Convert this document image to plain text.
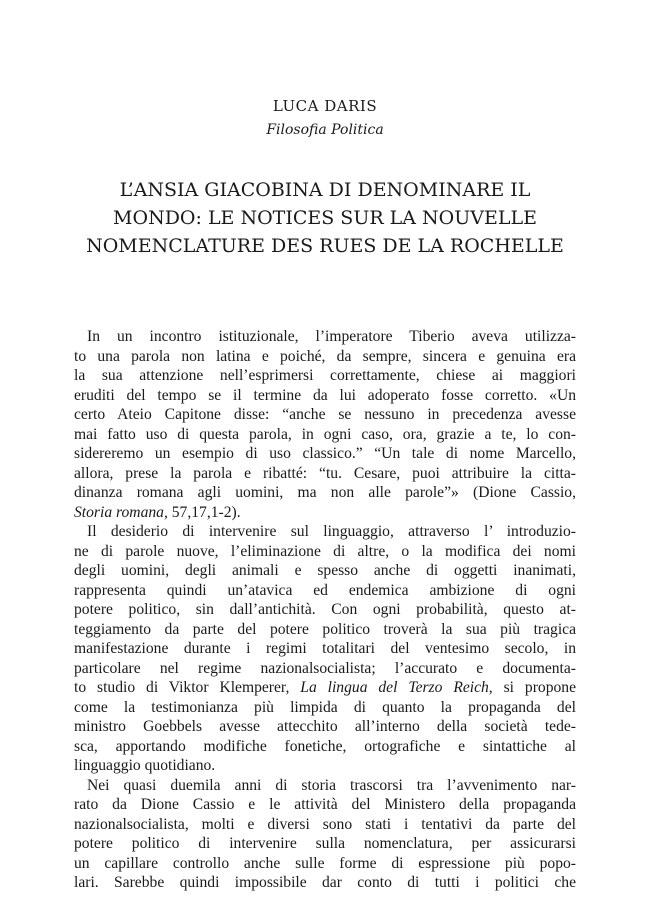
LUCA DARIS
Filosofia Politica
L’ANSIA GIACOBINA DI DENOMINARE IL
MONDO: LE NOTICES SUR LA NOUVELLE
NOMENCLATURE DES RUES DE LA ROCHELLE
In un incontro istituzionale, l’imperatore Tiberio aveva utilizza-
to una parola non latina e poiché, da sempre, sincera e genuina era
la sua attenzione nell’esprimersi correttamente, chiese ai maggiori
eruditi del tempo se il termine da lui adoperato fosse corretto. «Un
certo Ateio Capitone disse: “anche se nessuno in precedenza avesse
mai fatto uso di questa parola, in ogni caso, ora, grazie a te, lo con-
sidereremo un esempio di uso classico.” “Un tale di nome Marcello,
allora, prese la parola e ribatté: “tu. Cesare, puoi attribuire la citta-
dinanza romana agli uomini, ma non alle parole”» (Dione Cassio,
Storia romana, 57,17,1-2).
Il desiderio di intervenire sul linguaggio, attraverso l’ introduzio-
ne di parole nuove, l’eliminazione di altre, o la modifica dei nomi
degli uomini, degli animali e spesso anche di oggetti inanimati,
rappresenta quindi un’atavica ed endemica ambizione di ogni
potere politico, sin dall’antichità. Con ogni probabilità, questo at-
teggiamento da parte del potere politico troverà la sua più tragica
manifestazione durante i regimi totalitari del ventesimo secolo, in
particolare nel regime nazionalsocialista; l’accurato e documenta-
to studio di Viktor Klemperer, La lingua del Terzo Reich, si propone
come la testimonianza più limpida di quanto la propaganda del
ministro Goebbels avesse attecchito all’interno della società tede-
sca, apportando modifiche fonetiche, ortografiche e sintattiche al
linguaggio quotidiano.
Nei quasi duemila anni di storia trascorsi tra l’avvenimento nar-
rato da Dione Cassio e le attività del Ministero della propaganda
nazionalsocialista, molti e diversi sono stati i tentativi da parte del
potere politico di intervenire sulla nomenclatura, per assicurarsi
un capillare controllo anche sulle forme di espressione più popo-
lari. Sarebbe quindi impossibile dar conto di tutti i politici che
